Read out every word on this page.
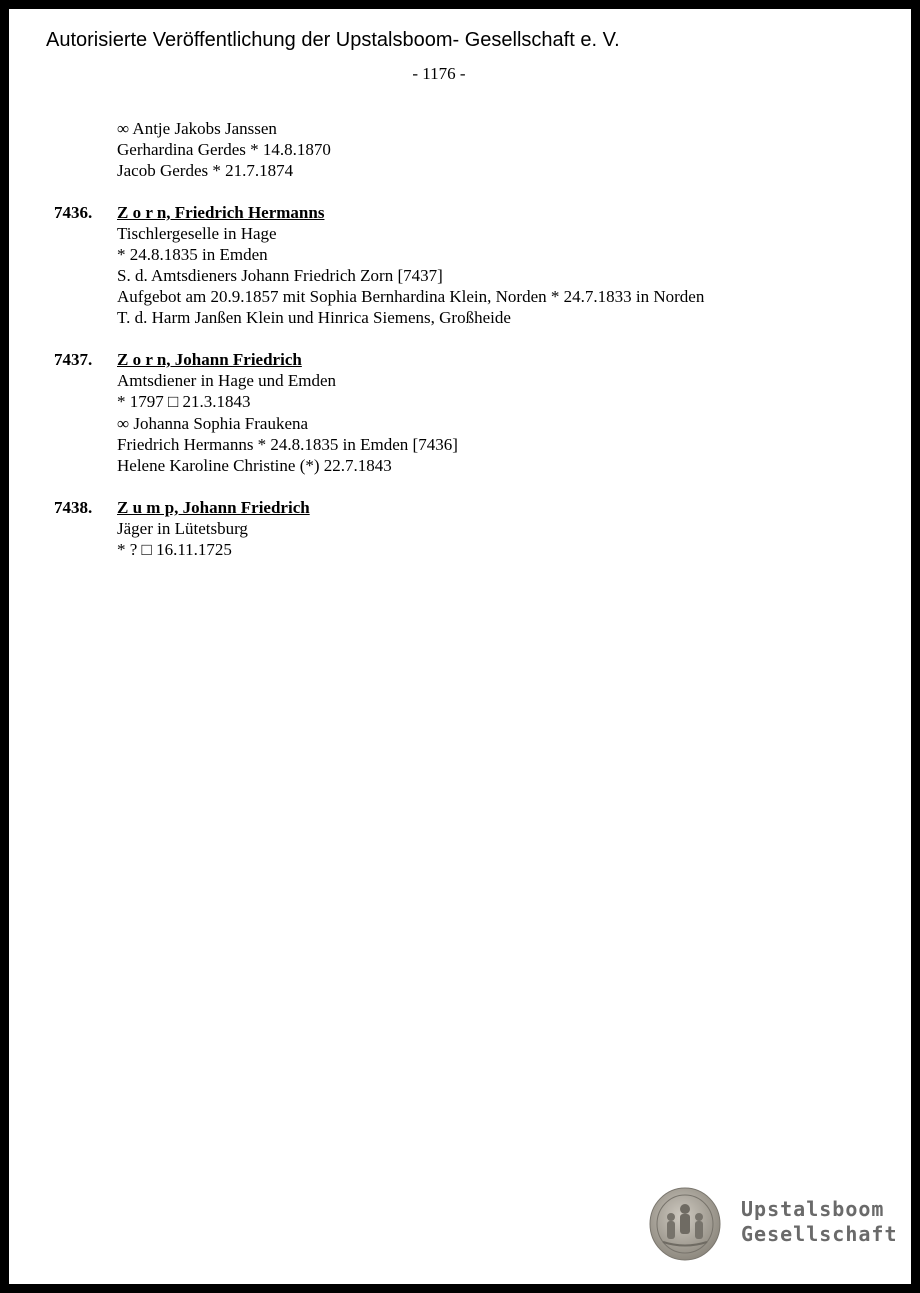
Autorisierte Veröffentlichung der Upstalsboom- Gesellschaft e. V.
- 1176 -
∞ Antje Jakobs Janssen
Gerhardina Gerdes * 14.8.1870
Jacob Gerdes * 21.7.1874
7436. Z o r n, Friedrich Hermanns
Tischlergeselle in Hage
* 24.8.1835 in Emden
S. d. Amtsdieners Johann Friedrich Zorn [7437]
Aufgebot am 20.9.1857 mit Sophia Bernhardina Klein, Norden * 24.7.1833 in Norden
T. d. Harm Janßen Klein und Hinrica Siemens, Großheide
7437. Z o r n, Johann Friedrich
Amtsdiener in Hage und Emden
* 1797 □ 21.3.1843
∞ Johanna Sophia Fraukena
Friedrich Hermanns * 24.8.1835 in Emden [7436]
Helene Karoline Christine (*) 22.7.1843
7438. Z u m p, Johann Friedrich
Jäger in Lütetsburg
* ? □ 16.11.1725
Upstalsboom
Gesellschaft
